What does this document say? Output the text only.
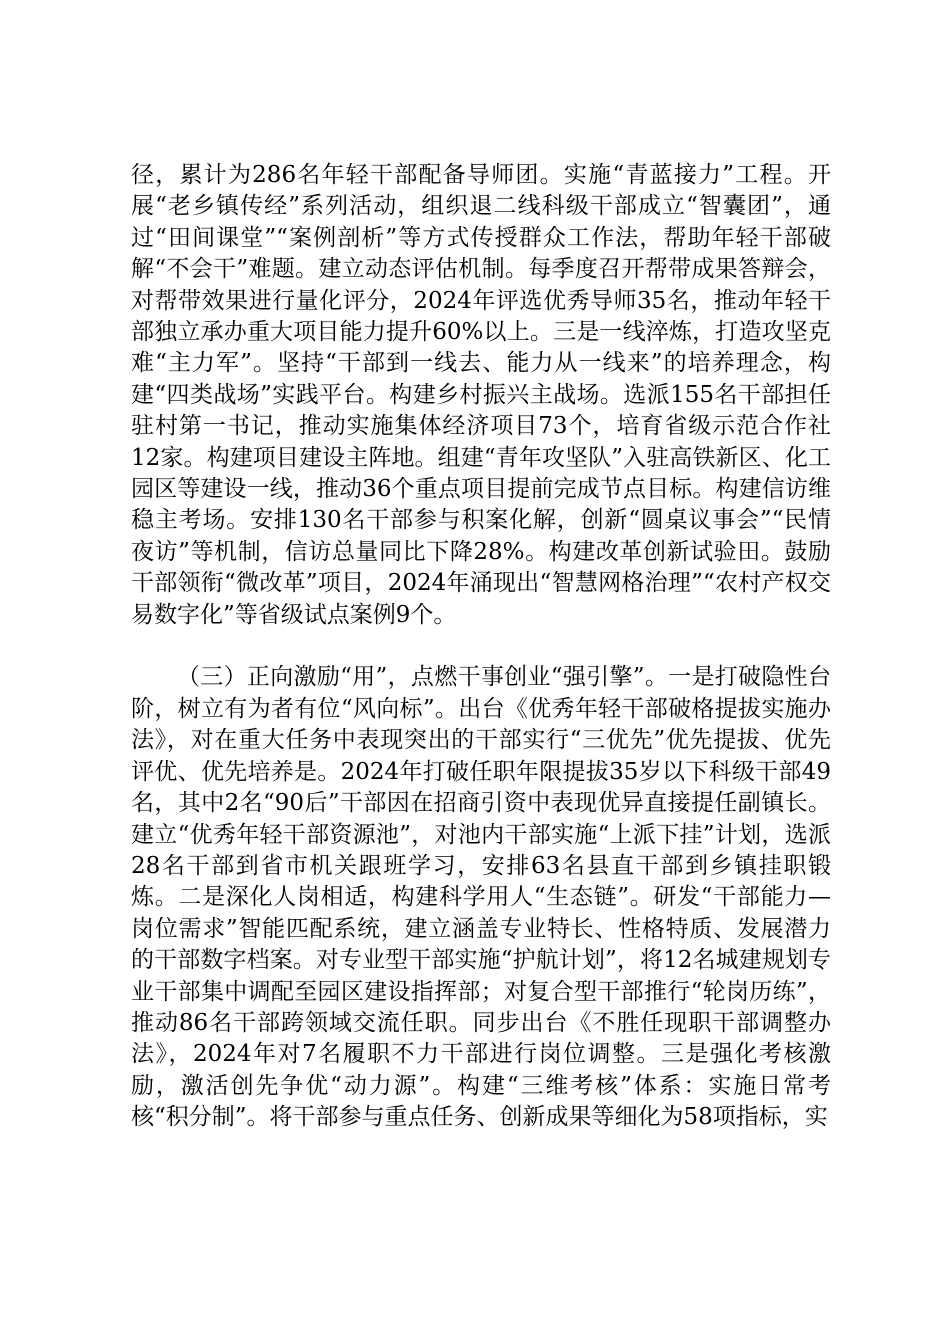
径，累计为286名年轻干部配备导师团。实施“青蓝接力”工程。开展“老乡镇传经”系列活动，组织退二线科级干部成立“智囊团”，通过“田间课堂”“案例剖析”等方式传授群众工作法，帮助年轻干部破解“不会干”难题。建立动态评估机制。每季度召开帮带成果答辩会，对帮带效果进行量化评分，2024年评选优秀导师35名，推动年轻干部独立承办重大项目能力提升60%以上。三是一线淬炼，打造攻坚克难“主力军”。坚持“干部到一线去、能力从一线来”的培养理念，构建“四类战场”实践平台。构建乡村振兴主战场。选派155名干部担任驻村第一书记，推动实施集体经济项目73个，培育省级示范合作社12家。构建项目建设主阵地。组建“青年攻坚队”入驻高铁新区、化工园区等建设一线，推动36个重点项目提前完成节点目标。构建信访维稳主考场。安排130名干部参与积案化解，创新“圆桌议事会”“民情夜访”等机制，信访总量同比下降28%。构建改革创新试验田。鼓励干部领衔“微改革”项目，2024年涌现出“智慧网格治理”“农村产权交易数字化”等省级试点案例9个。

（三）正向激励“用”，点燃干事创业“强引擎”。一是打破隐性台阶，树立有为者有位“风向标”。出台《优秀年轻干部破格提拔实施办法》，对在重大任务中表现突出的干部实行“三优先”优先提拔、优先评优、优先培养是。2024年打破任职年限提拔35岁以下科级干部49名，其中2名“90后”干部因在招商引资中表现优异直接提任副镇长。建立“优秀年轻干部资源池”，对池内干部实施“上派下挂”计划，选派28名干部到省市机关跟班学习，安排63名县直干部到乡镇挂职锻炼。二是深化人岗相适，构建科学用人“生态链”。研发“干部能力—岗位需求”智能匹配系统，建立涵盖专业特长、性格特质、发展潜力的干部数字档案。对专业型干部实施“护航计划”，将12名城建规划专业干部集中调配至园区建设指挥部；对复合型干部推行“轮岗历练”，推动86名干部跨领域交流任职。同步出台《不胜任现职干部调整办法》，2024年对7名履职不力干部进行岗位调整。三是强化考核激励，激活创先争优“动力源”。构建“三维考核”体系：实施日常考核“积分制”。将干部参与重点任务、创新成果等细化为58项指标，实
